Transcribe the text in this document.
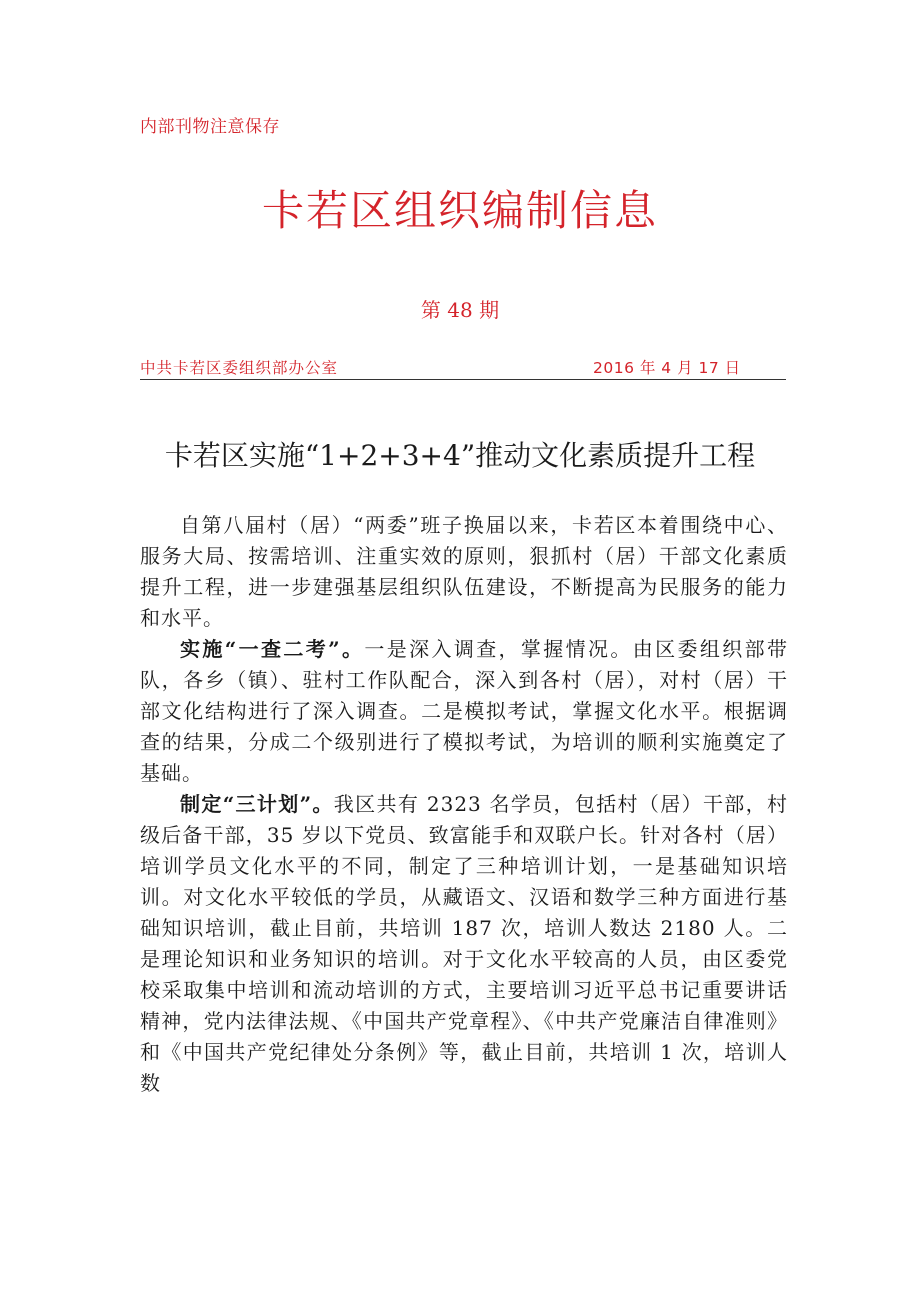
内部刊物注意保存
卡若区组织编制信息
第 48 期
中共卡若区委组织部办公室	2016 年 4 月 17 日
卡若区实施“1+2+3+4”推动文化素质提升工程

自第八届村（居）“两委”班子换届以来，卡若区本着围绕中心、服务大局、按需培训、注重实效的原则，狠抓村（居）干部文化素质提升工程，进一步建强基层组织队伍建设，不断提高为民服务的能力和水平。

实施“一查二考”。一是深入调查，掌握情况。由区委组织部带队，各乡（镇）、驻村工作队配合，深入到各村（居），对村（居）干部文化结构进行了深入调查。二是模拟考试，掌握文化水平。根据调查的结果，分成二个级别进行了模拟考试，为培训的顺利实施奠定了基础。

制定“三计划”。我区共有 2323 名学员，包括村（居）干部，村级后备干部，35 岁以下党员、致富能手和双联户长。针对各村（居）培训学员文化水平的不同，制定了三种培训计划，一是基础知识培训。对文化水平较低的学员，从藏语文、汉语和数学三种方面进行基础知识培训，截止目前，共培训 187 次，培训人数达 2180 人。二是理论知识和业务知识的培训。对于文化水平较高的人员，由区委党校采取集中培训和流动培训的方式，主要培训习近平总书记重要讲话精神，党内法律法规、《中国共产党章程》、《中共产党廉洁自律准则》和《中国共产党纪律处分条例》等，截止目前，共培训 1 次，培训人数
